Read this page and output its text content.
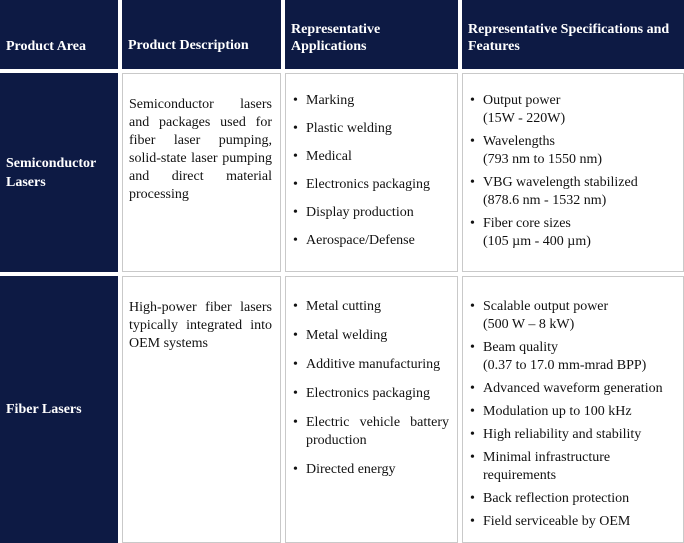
Product Area	Product Description
Representative Applications
Representative Specifications and Features
Semiconductor Lasers

Semiconductor lasers and packages used for fiber laser pumping, solid-state laser pumping and direct material processing

• Marking
• Plastic welding
• Medical
• Electronics packaging
• Display production
• Aerospace/Defense
• Output power
(15W - 220W)
• Wavelengths
(793 nm to 1550 nm)
• VBG wavelength stabilized
(878.6 nm - 1532 nm)
• Fiber core sizes
(105 µm - 400 µm)
Fiber Lasers

High-power fiber lasers typically integrated into OEM systems

• Metal cutting
• Metal welding
• Additive manufacturing
• Electronics packaging
• Electric vehicle battery production
• Directed energy
• Scalable output power
(500 W – 8 kW)
• Beam quality
(0.37 to 17.0 mm-mrad BPP)
• Advanced waveform generation
• Modulation up to 100 kHz
• High reliability and stability
• Minimal infrastructure requirements
• Back reflection protection
• Field serviceable by OEM
